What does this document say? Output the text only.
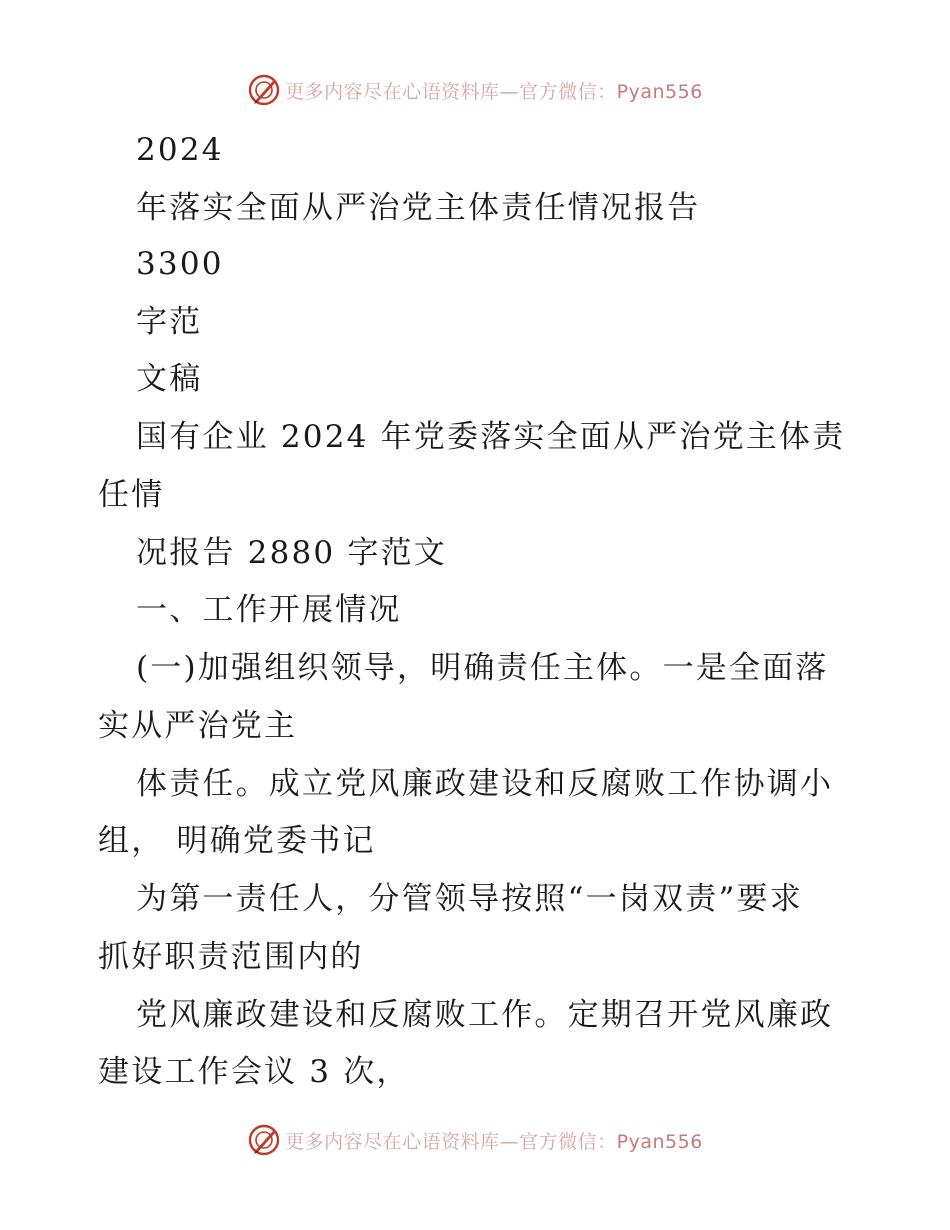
更多内容尽在心语资料库—官方微信：Pyan556
2024
年落实全面从严治党主体责任情况报告
3300
字范
文稿
国有企业 2024 年党委落实全面从严治党主体责
任情
况报告 2880 字范文
一、工作开展情况
(一)加强组织领导，明确责任主体。一是全面落
实从严治党主
体责任。成立党风廉政建设和反腐败工作协调小
组， 明确党委书记
为第一责任人，分管领导按照“一岗双责”要求
抓好职责范围内的
党风廉政建设和反腐败工作。定期召开党风廉政
建设工作会议 3 次，
更多内容尽在心语资料库—官方微信：Pyan556
